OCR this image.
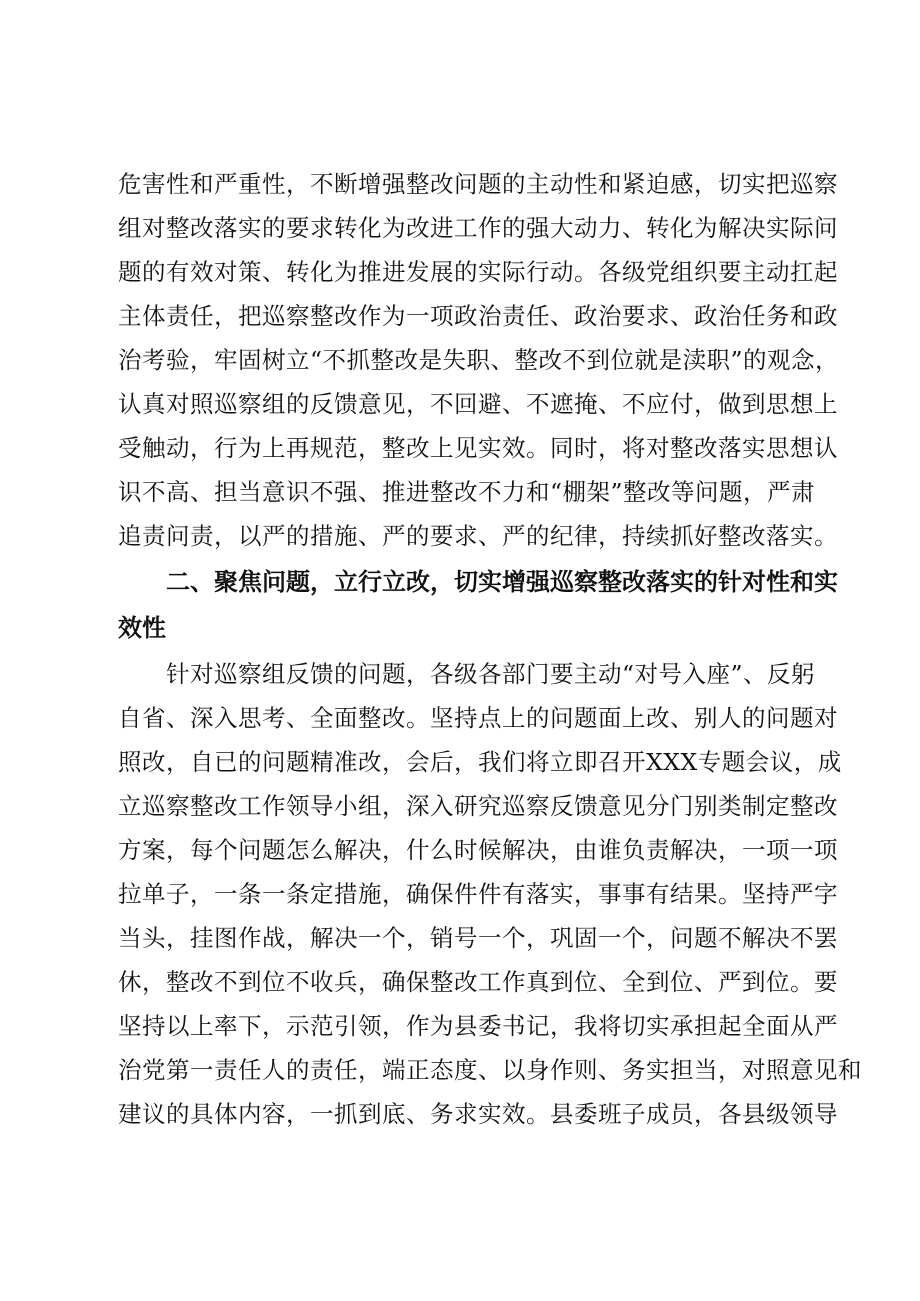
危害性和严重性，不断增强整改问题的主动性和紧迫感，切实把巡察
组对整改落实的要求转化为改进工作的强大动力、转化为解决实际问
题的有效对策、转化为推进发展的实际行动。各级党组织要主动扛起
主体责任，把巡察整改作为一项政治责任、政治要求、政治任务和政
治考验，牢固树立“不抓整改是失职、整改不到位就是渎职”的观念，
认真对照巡察组的反馈意见，不回避、不遮掩、不应付，做到思想上
受触动，行为上再规范，整改上见实效。同时，将对整改落实思想认
识不高、担当意识不强、推进整改不力和“棚架”整改等问题，严肃
追责问责，以严的措施、严的要求、严的纪律，持续抓好整改落实。
二、聚焦问题，立行立改，切实增强巡察整改落实的针对性和实
效性
针对巡察组反馈的问题，各级各部门要主动“对号入座”、反躬
自省、深入思考、全面整改。坚持点上的问题面上改、别人的问题对
照改，自已的问题精准改，会后，我们将立即召开XXX专题会议，成
立巡察整改工作领导小组，深入研究巡察反馈意见分门别类制定整改
方案，每个问题怎么解决，什么时候解决，由谁负责解决，一项一项
拉单子，一条一条定措施，确保件件有落实，事事有结果。坚持严字
当头，挂图作战，解决一个，销号一个，巩固一个，问题不解决不罢
休，整改不到位不收兵，确保整改工作真到位、全到位、严到位。要
坚持以上率下，示范引领，作为县委书记，我将切实承担起全面从严
治党第一责任人的责任，端正态度、以身作则、务实担当，对照意见和
建议的具体内容，一抓到底、务求实效。县委班子成员，各县级领导
